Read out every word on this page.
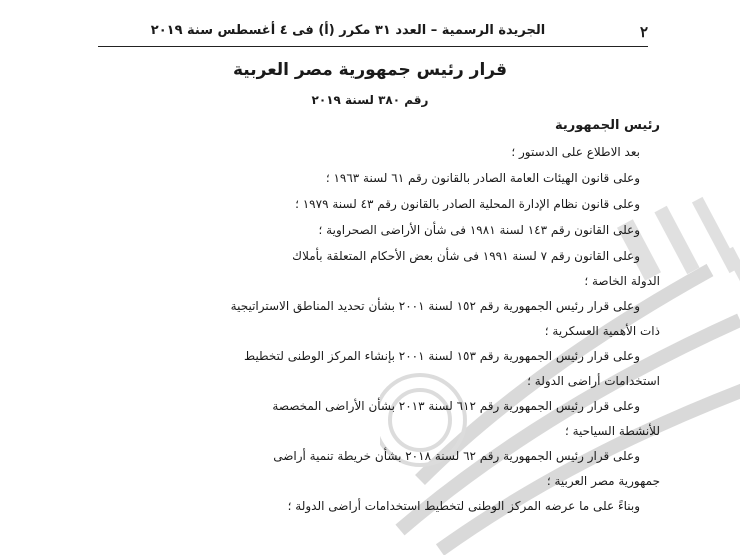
٢
الجريدة الرسمية – العدد ٣١ مكرر (أ) فى ٤ أغسطس سنة ٢٠١٩
قرار رئيس جمهورية مصر العربية
رقم ٣٨٠ لسنة ٢٠١٩

رئيس الجمهورية

بعد الاطلاع على الدستور ؛

وعلى قانون الهيئات العامة الصادر بالقانون رقم ٦١ لسنة ١٩٦٣ ؛

وعلى قانون نظام الإدارة المحلية الصادر بالقانون رقم ٤٣ لسنة ١٩٧٩ ؛

وعلى القانون رقم ١٤٣ لسنة ١٩٨١ فى شأن الأراضى الصحراوية ؛

وعلى القانون رقم ٧ لسنة ١٩٩١ فى شأن بعض الأحكام المتعلقة بأملاك

الدولة الخاصة ؛

وعلى قرار رئيس الجمهورية رقم ١٥٢ لسنة ٢٠٠١ بشأن تحديد المناطق الاستراتيجية

ذات الأهمية العسكرية ؛

وعلى قرار رئيس الجمهورية رقم ١٥٣ لسنة ٢٠٠١ بإنشاء المركز الوطنى لتخطيط

استخدامات أراضى الدولة ؛

وعلى قرار رئيس الجمهورية رقم ٦١٢ لسنة ٢٠١٣ بشأن الأراضى المخصصة

للأنشطة السياحية ؛

وعلى قرار رئيس الجمهورية رقم ٦٢ لسنة ٢٠١٨ بشأن خريطة تنمية أراضى

جمهورية مصر العربية ؛

وبناءً على ما عرضه المركز الوطنى لتخطيط استخدامات أراضى الدولة ؛
